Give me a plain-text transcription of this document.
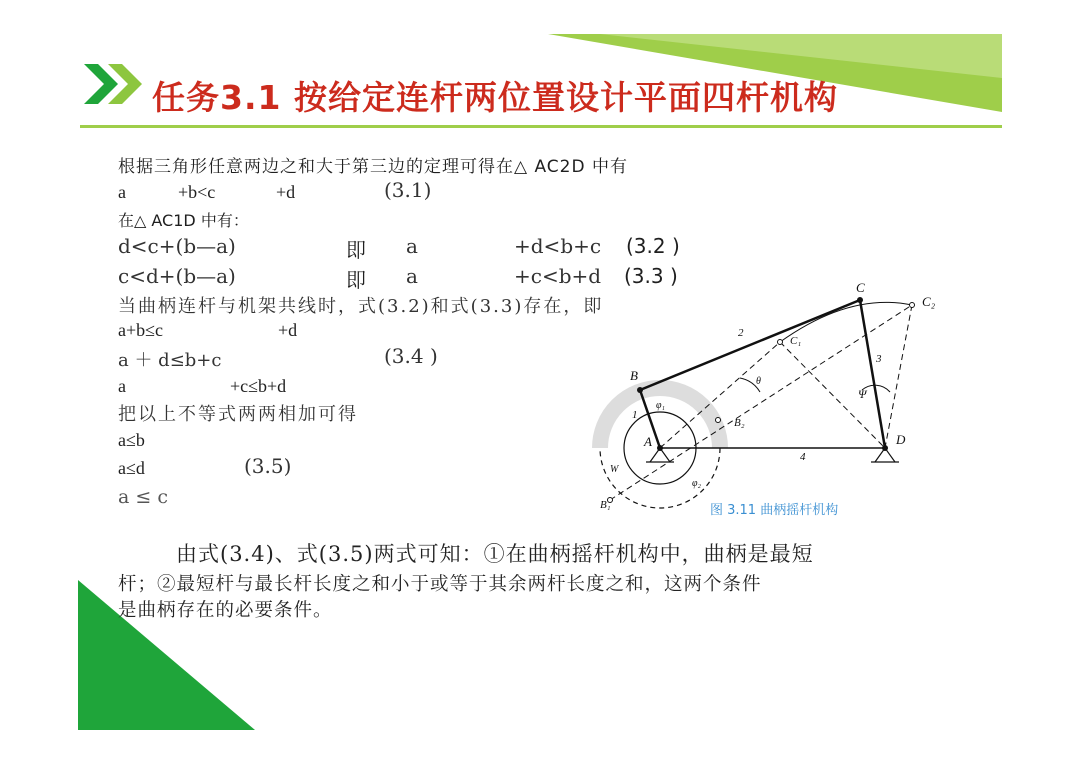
任务3.1 按给定连杆两位置设计平面四杆机构
根据三角形任意两边之和大于第三边的定理可得在△ AC2D 中有
a	+b<c	+d	(3.1)
在△ AC1D 中有：
d<c+(b—a)	即 a	+d<b+c (3.2 )
c<d+(b—a)	即 a	+c<b+d (3.3 )
当曲柄连杆与机架共线时，式(3.2)和式(3.3)存在，即
a+b≤c	+d
a ＋ d≤b+c	(3.4 )
a	+c≤b+d
把以上不等式两两相加可得
a≤b
a≤d	(3.5)
a ≤ c
由式(3.4)、式(3.5)两式可知：①在曲柄摇杆机构中，曲柄是最短
杆；②最短杆与最长杆长度之和小于或等于其余两杆长度之和，这两个条件
是曲柄存在的必要条件。
C
C₂
C₁
2
3
B
1
φ₁
θ
Ψ
B₂
A	D
4
W
φ₂
B₁	图 3.11 曲柄摇杆机构
